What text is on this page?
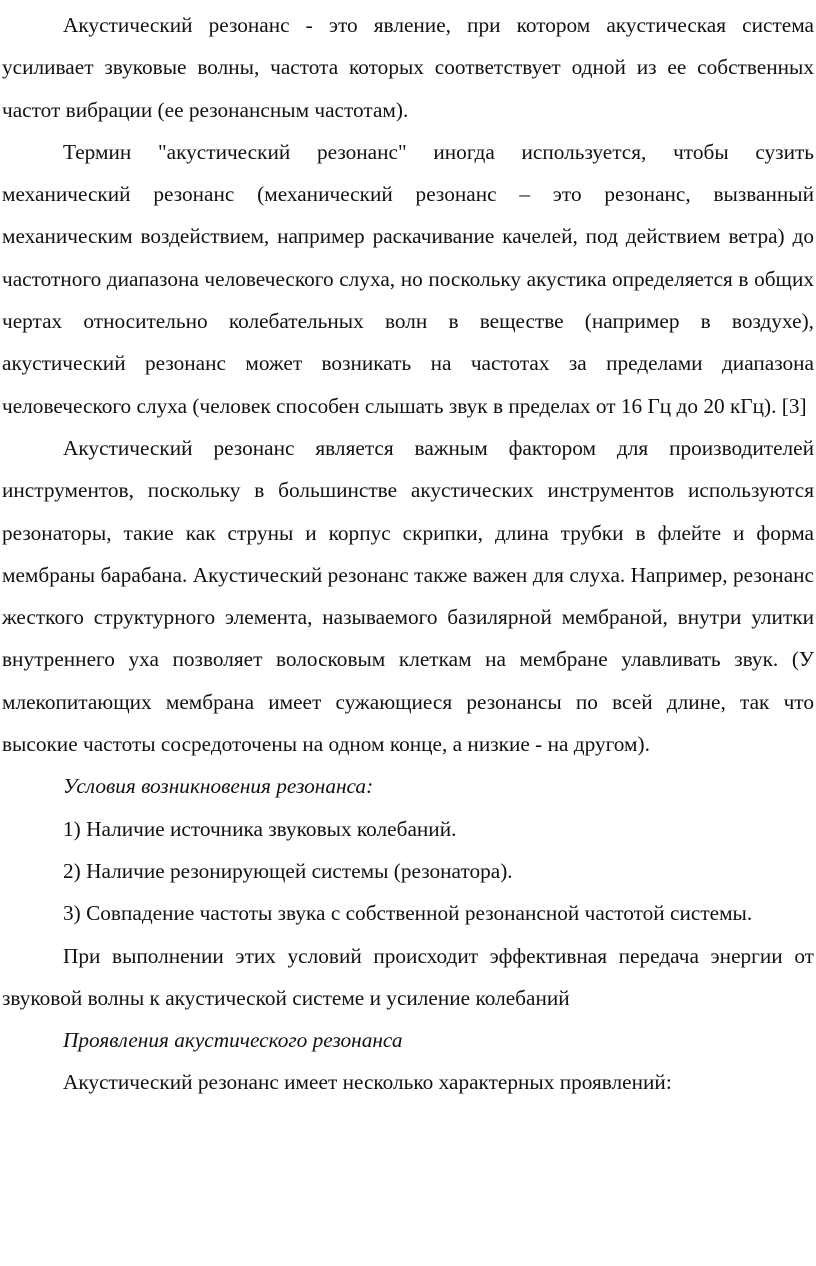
Акустический резонанс - это явление, при котором акустическая система усиливает звуковые волны, частота которых соответствует одной из ее собственных частот вибрации (ее резонансным частотам).

Термин "акустический резонанс" иногда используется, чтобы сузить механический резонанс (механический резонанс – это резонанс, вызванный механическим воздействием, например раскачивание качелей, под действием ветра) до частотного диапазона человеческого слуха, но поскольку акустика определяется в общих чертах относительно колебательных волн в веществе (например в воздухе), акустический резонанс может возникать на частотах за пределами диапазона человеческого слуха (человек способен слышать звук в пределах от 16 Гц до 20 кГц). [3]

Акустический резонанс является важным фактором для производителей инструментов, поскольку в большинстве акустических инструментов используются резонаторы, такие как струны и корпус скрипки, длина трубки в флейте и форма мембраны барабана. Акустический резонанс также важен для слуха. Например, резонанс жесткого структурного элемента, называемого базилярной мембраной, внутри улитки внутреннего уха позволяет волосковым клеткам на мембране улавливать звук. (У млекопитающих мембрана имеет сужающиеся резонансы по всей длине, так что высокие частоты сосредоточены на одном конце, а низкие - на другом).

Условия возникновения резонанса:

1) Наличие источника звуковых колебаний.

2) Наличие резонирующей системы (резонатора).

3) Совпадение частоты звука с собственной резонансной частотой системы.

При выполнении этих условий происходит эффективная передача энергии от звуковой волны к акустической системе и усиление колебаний

Проявления акустического резонанса

Акустический резонанс имеет несколько характерных проявлений:
